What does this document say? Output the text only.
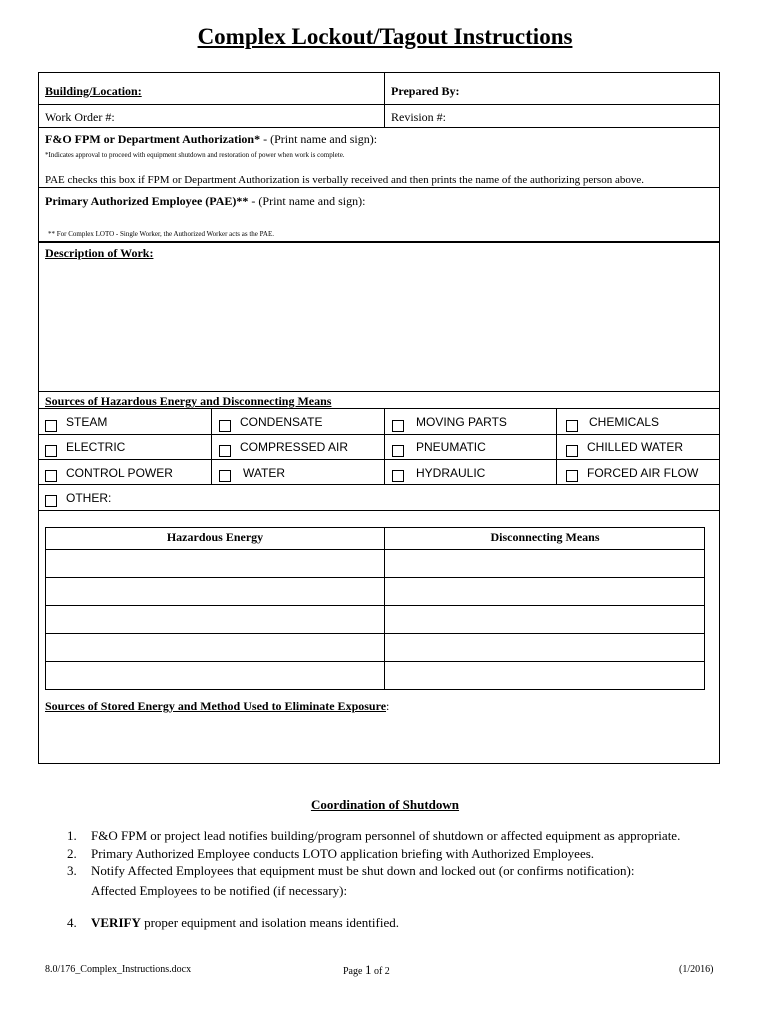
Complex Lockout/Tagout Instructions
Building/Location:	Prepared By:
Work Order #:	Revision #:
F&O FPM or Department Authorization* - (Print name and sign):
*Indicates approval to proceed with equipment shutdown and restoration of power when work is complete.
PAE checks this box if FPM or Department Authorization is verbally received and then prints the name of the authorizing person above.
Primary Authorized Employee (PAE)** - (Print name and sign):
** For Complex LOTO - Single Worker, the Authorized Worker acts as the PAE.
Description of Work:
Sources of Hazardous Energy and Disconnecting Means
STEAM	CONDENSATE	MOVING PARTS	CHEMICALS
ELECTRIC	COMPRESSED AIR	PNEUMATIC	CHILLED WATER
CONTROL POWER	WATER	HYDRAULIC	FORCED AIR FLOW
OTHER:
Hazardous Energy	Disconnecting Means
Sources of Stored Energy and Method Used to Eliminate Exposure:
Coordination of Shutdown
1. F&O FPM or project lead notifies building/program personnel of shutdown or affected equipment as appropriate.
2. Primary Authorized Employee conducts LOTO application briefing with Authorized Employees.
3. Notify Affected Employees that equipment must be shut down and locked out (or confirms notification):
Affected Employees to be notified (if necessary):
4. VERIFY proper equipment and isolation means identified.
8.0/176_Complex_Instructions.docx	Page 1 of 2	(1/2016)
